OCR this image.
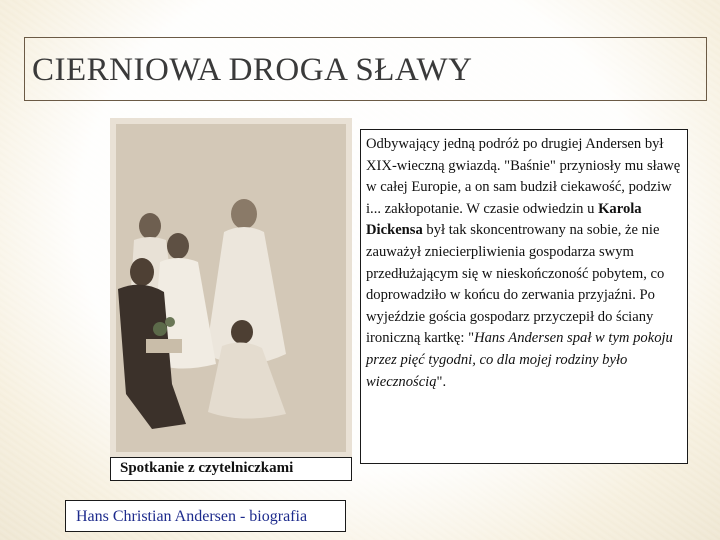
CIERNIOWA DROGA SŁAWY
Spotkanie z czytelniczkami
Hans Christian Andersen - biografia
Odbywający jedną podróż po drugiej Andersen był XIX-wieczną gwiazdą. "Baśnie" przyniosły mu sławę w całej Europie, a on sam budził ciekawość, podziw i... zakłopotanie. W czasie odwiedzin u Karola Dickensa był tak skoncentrowany na sobie, że nie zauważył zniecierpliwienia gospodarza swym przedłużającym się w nieskończoność pobytem, co doprowadziło w końcu do zerwania przyjaźni. Po wyjeździe gościa gospodarz przyczepił do ściany ironiczną kartkę: "Hans Andersen spał w tym pokoju przez pięć tygodni, co dla mojej rodziny było wiecznością".
